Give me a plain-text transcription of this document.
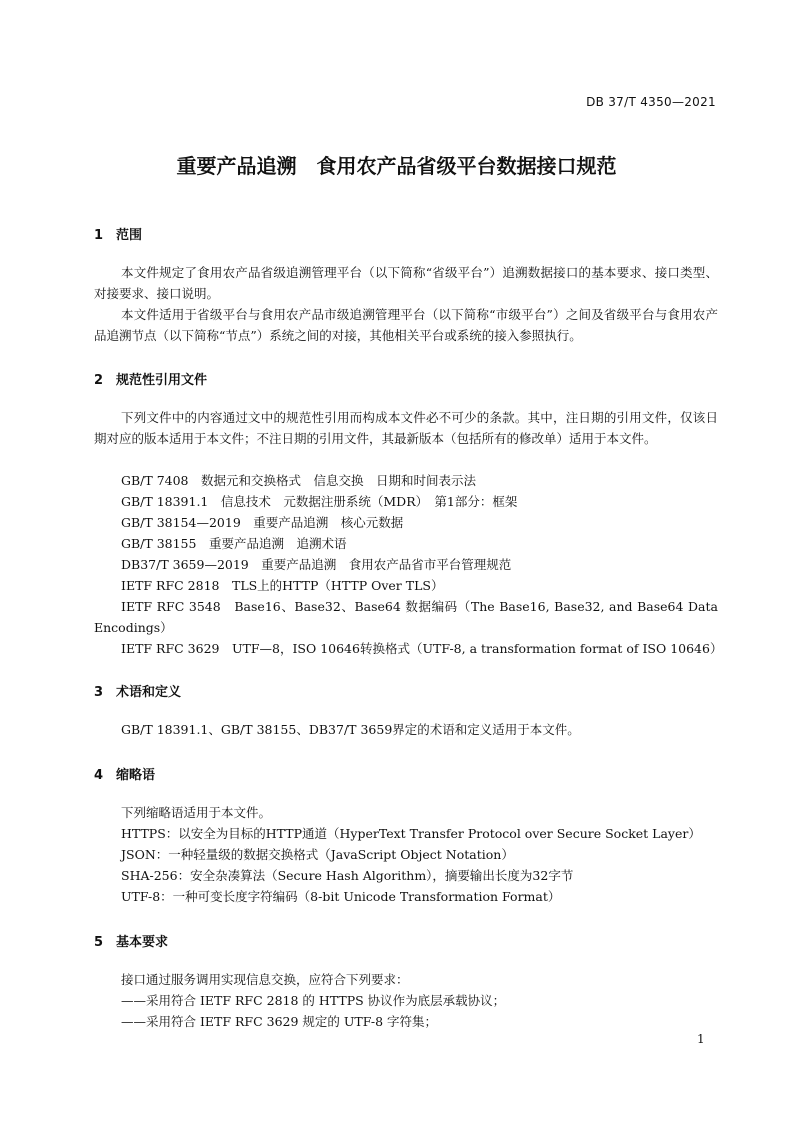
DB 37/T 4350—2021
重要产品追溯　食用农产品省级平台数据接口规范
1　范围

本文件规定了食用农产品省级追溯管理平台（以下简称“省级平台”）追溯数据接口的基本要求、接口类型、对接要求、接口说明。

本文件适用于省级平台与食用农产品市级追溯管理平台（以下简称“市级平台”）之间及省级平台与食用农产品追溯节点（以下简称“节点”）系统之间的对接，其他相关平台或系统的接入参照执行。

2　规范性引用文件

下列文件中的内容通过文中的规范性引用而构成本文件必不可少的条款。其中，注日期的引用文件，仅该日期对应的版本适用于本文件；不注日期的引用文件，其最新版本（包括所有的修改单）适用于本文件。

GB/T 7408　数据元和交换格式　信息交换　日期和时间表示法
GB/T 18391.1　信息技术　元数据注册系统（MDR）　第1部分：框架
GB/T 38154—2019　重要产品追溯　核心元数据
GB/T 38155　重要产品追溯　追溯术语
DB37/T 3659—2019　重要产品追溯　食用农产品省市平台管理规范
IETF RFC 2818　TLS上的HTTP（HTTP Over TLS）

IETF RFC 3548　Base16、Base32、Base64 数据编码（The Base16, Base32, and Base64 Data Encodings）

IETF RFC 3629　UTF—8，ISO 10646转换格式（UTF-8, a transformation format of ISO 10646）
3　术语和定义
GB/T 18391.1、GB/T 38155、DB37/T 3659界定的术语和定义适用于本文件。
4　缩略语
下列缩略语适用于本文件。
HTTPS：以安全为目标的HTTP通道（HyperText Transfer Protocol over Secure Socket Layer）
JSON：一种轻量级的数据交换格式（JavaScript Object Notation）
SHA-256：安全杂凑算法（Secure Hash Algorithm），摘要输出长度为32字节
UTF-8：一种可变长度字符编码（8-bit Unicode Transformation Format）
5　基本要求
接口通过服务调用实现信息交换，应符合下列要求：
——采用符合 IETF RFC 2818 的 HTTPS 协议作为底层承载协议；
——采用符合 IETF RFC 3629 规定的 UTF-8 字符集；
1
